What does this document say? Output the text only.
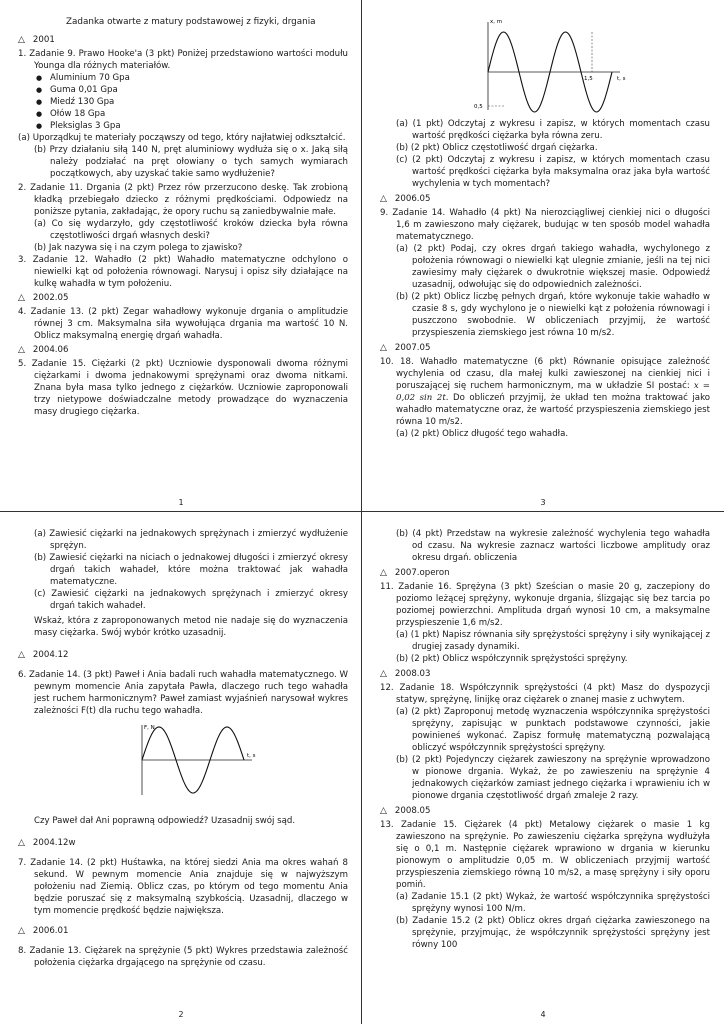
Zadanka otwarte z matury podstawowej z fizyki, drgania

△ 2001

1. Zadanie 9. Prawo Hooke'a (3 pkt) Poniżej przedstawiono wartości modułu Younga dla różnych materiałów.

● Aluminium 70 Gpa
● Guma 0,01 Gpa
● Miedź 130 Gpa
● Ołów 18 Gpa
● Pleksiglas 3 Gpa

(a) Uporządkuj te materiały począwszy od tego, który najłatwiej odkształcić.

(b) Przy działaniu siłą 140 N, pręt aluminiowy wydłuża się o x. Jaką siłą należy podziałać na pręt ołowiany o tych samych wymiarach początkowych, aby uzyskać takie samo wydłużenie?

2. Zadanie 11. Drgania (2 pkt) Przez rów przerzucono deskę. Tak zrobioną kładką przebiegało dziecko z różnymi prędkościami. Odpowiedz na poniższe pytania, zakładając, że opory ruchu są zaniedbywalnie małe.

(a) Co się wydarzyło, gdy częstotliwość kroków dziecka była równa częstotliwości drgań własnych deski?

(b) Jak nazywa się i na czym polega to zjawisko?

3. Zadanie 12. Wahadło (2 pkt) Wahadło matematyczne odchylono o niewielki kąt od położenia równowagi. Narysuj i opisz siły działające na kulkę wahadła w tym położeniu.

△ 2002.05

4. Zadanie 13. (2 pkt) Zegar wahadłowy wykonuje drgania o amplitudzie równej 3 cm. Maksymalna siła wywołująca drgania ma wartość 10 N. Oblicz maksymalną energię drgań wahadła.

△ 2004.06

5. Zadanie 15. Ciężarki (2 pkt) Uczniowie dysponowali dwoma różnymi ciężarkami i dwoma jednakowymi sprężynami oraz dwoma nitkami. Znana była masa tylko jednego z ciężarków. Uczniowie zaproponowali trzy nietypowe doświadczalne metody prowadzące do wyznaczenia masy drugiego ciężarka.

1
x, m
t, s
1,5
0,5

(a) (1 pkt) Odczytaj z wykresu i zapisz, w których momentach czasu wartość prędkości ciężarka była równa zeru.

(b) (2 pkt) Oblicz częstotliwość drgań ciężarka.

(c) (2 pkt) Odczytaj z wykresu i zapisz, w których momentach czasu wartość prędkości ciężarka była maksymalna oraz jaka była wartość wychylenia w tych momentach?

△ 2006.05

9. Zadanie 14. Wahadło (4 pkt) Na nierozciągliwej cienkiej nici o długości 1,6 m zawieszono mały ciężarek, budując w ten sposób model wahadła matematycznego.

(a) (2 pkt) Podaj, czy okres drgań takiego wahadła, wychylonego z położenia równowagi o niewielki kąt ulegnie zmianie, jeśli na tej nici zawiesimy mały ciężarek o dwukrotnie większej masie. Odpowiedź uzasadnij, odwołując się do odpowiednich zależności.

(b) (2 pkt) Oblicz liczbę pełnych drgań, które wykonuje takie wahadło w czasie 8 s, gdy wychylono je o niewielki kąt z położenia równowagi i puszczono swobodnie. W obliczeniach przyjmij, że wartość przyspieszenia ziemskiego jest równa 10 m/s2.

△ 2007.05

10. 18. Wahadło matematyczne (6 pkt) Równanie opisujące zależność wychylenia od czasu, dla małej kulki zawieszonej na cienkiej nici i poruszającej się ruchem harmonicznym, ma w układzie SI postać: x = 0,02 sin 2t. Do obliczeń przyjmij, że układ ten można traktować jako wahadło matematyczne oraz, że wartość przyspieszenia ziemskiego jest równa 10 m/s2.

(a) (2 pkt) Oblicz długość tego wahadła.

3

(a) Zawiesić ciężarki na jednakowych sprężynach i zmierzyć wydłużenie sprężyn.

(b) Zawiesić ciężarki na niciach o jednakowej długości i zmierzyć okresy drgań takich wahadeł, które można traktować jak wahadła matematyczne.

(c) Zawiesić ciężarki na jednakowych sprężynach i zmierzyć okresy drgań takich wahadeł.

Wskaż, która z zaproponowanych metod nie nadaje się do wyznaczenia masy ciężarka. Swój wybór krótko uzasadnij.

△ 2004.12

6. Zadanie 14. (3 pkt) Paweł i Ania badali ruch wahadła matematycznego. W pewnym momencie Ania zapytała Pawła, dlaczego ruch tego wahadła jest ruchem harmonicznym? Paweł zamiast wyjaśnień narysował wykres zależności F(t) dla ruchu tego wahadła.

F, N
t, s

Czy Paweł dał Ani poprawną odpowiedź? Uzasadnij swój sąd.

△ 2004.12w

7. Zadanie 14. (2 pkt) Huśtawka, na której siedzi Ania ma okres wahań 8 sekund. W pewnym momencie Ania znajduje się w najwyższym położeniu nad Ziemią. Oblicz czas, po którym od tego momentu Ania będzie poruszać się z maksymalną szybkością. Uzasadnij, dlaczego w tym momencie prędkość będzie największa.

△ 2006.01

8. Zadanie 13. Ciężarek na sprężynie (5 pkt) Wykres przedstawia zależność położenia ciężarka drgającego na sprężynie od czasu.

2

(b) (4 pkt) Przedstaw na wykresie zależność wychylenia tego wahadła od czasu. Na wykresie zaznacz wartości liczbowe amplitudy oraz okresu drgań. obliczenia

△ 2007.operon

11. Zadanie 16. Sprężyna (3 pkt) Sześcian o masie 20 g, zaczepiony do poziomo leżącej sprężyny, wykonuje drgania, ślizgając się bez tarcia po poziomej powierzchni. Amplituda drgań wynosi 10 cm, a maksymalne przyspieszenie 1,6 m/s2.

(a) (1 pkt) Napisz równania siły sprężystości sprężyny i siły wynikającej z drugiej zasady dynamiki.

(b) (2 pkt) Oblicz współczynnik sprężystości sprężyny.

△ 2008.03

12. Zadanie 18. Współczynnik sprężystości (4 pkt) Masz do dyspozycji statyw, sprężynę, linijkę oraz ciężarek o znanej masie z uchwytem.

(a) (2 pkt) Zaproponuj metodę wyznaczenia współczynnika sprężystości sprężyny, zapisując w punktach podstawowe czynności, jakie powinieneś wykonać. Zapisz formułę matematyczną pozwalającą obliczyć współczynnik sprężystości sprężyny.

(b) (2 pkt) Pojedynczy ciężarek zawieszony na sprężynie wprowadzono w pionowe drgania. Wykaż, że po zawieszeniu na sprężynie 4 jednakowych ciężarków zamiast jednego ciężarka i wprawieniu ich w pionowe drgania częstotliwość drgań zmaleje 2 razy.

△ 2008.05

13. Zadanie 15. Ciężarek (4 pkt) Metalowy ciężarek o masie 1 kg zawieszono na sprężynie. Po zawieszeniu ciężarka sprężyna wydłużyła się o 0,1 m. Następnie ciężarek wprawiono w drgania w kierunku pionowym o amplitudzie 0,05 m. W obliczeniach przyjmij wartość przyspieszenia ziemskiego równą 10 m/s2, a masę sprężyny i siły oporu pomiń.

(a) Zadanie 15.1 (2 pkt) Wykaż, że wartość współczynnika sprężystości sprężyny wynosi 100 N/m.

(b) Zadanie 15.2 (2 pkt) Oblicz okres drgań ciężarka zawieszonego na sprężynie, przyjmując, że współczynnik sprężystości sprężyny jest równy 100

4
